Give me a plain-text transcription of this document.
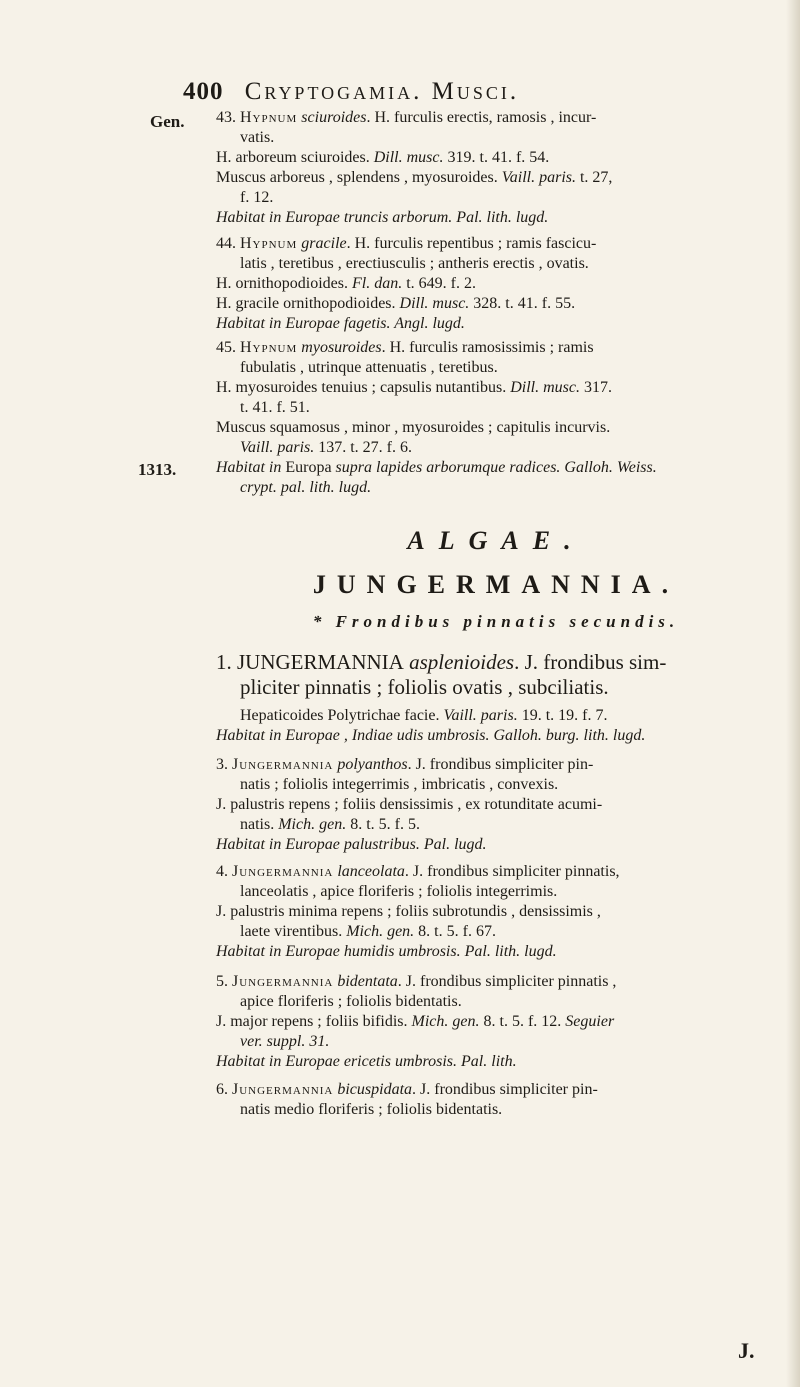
400 Cryptogamia. Musci.
Gen.
1313.
43. Hypnum sciuroides. H. furculis erectis, ramosis , incur-
vatis.
H. arboreum sciuroides. Dill. musc. 319. t. 41. f. 54.
Muscus arboreus , splendens , myosuroides. Vaill. paris. t. 27,
f. 12.
Habitat in Europae truncis arborum. Pal. lith. lugd.
44. Hypnum gracile. H. furculis repentibus ; ramis fascicu-
latis , teretibus , erectiusculis ; antheris erectis , ovatis.
H. ornithopodioides. Fl. dan. t. 649. f. 2.
H. gracile ornithopodioides. Dill. musc. 328. t. 41. f. 55.
Habitat in Europae fagetis. Angl. lugd.
45. Hypnum myosuroides. H. furculis ramosissimis ; ramis
fubulatis , utrinque attenuatis , teretibus.
H. myosuroides tenuius ; capsulis nutantibus. Dill. musc. 317.
t. 41. f. 51.
Muscus squamosus , minor , myosuroides ; capitulis incurvis.
Vaill. paris. 137. t. 27. f. 6.
Habitat in Europa supra lapides arborumque radices. Galloh. Weiss.
crypt. pal. lith. lugd.
ALGAE.
JUNGERMANNIA.
* Frondibus pinnatis secundis.
1. JUNGERMANNIA asplenioides. J. frondibus sim-
pliciter pinnatis ; foliolis ovatis , subciliatis.
Hepaticoides Polytrichae facie. Vaill. paris. 19. t. 19. f. 7.
Habitat in Europae , Indiae udis umbrosis. Galloh. burg. lith. lugd.
3. Jungermannia polyanthos. J. frondibus simpliciter pin-
natis ; foliolis integerrimis , imbricatis , convexis.
J. palustris repens ; foliis densissimis , ex rotunditate acumi-
natis. Mich. gen. 8. t. 5. f. 5.
Habitat in Europae palustribus. Pal. lugd.
4. Jungermannia lanceolata. J. frondibus simpliciter pinnatis,
lanceolatis , apice floriferis ; foliolis integerrimis.
J. palustris minima repens ; foliis subrotundis , densissimis ,
laete virentibus. Mich. gen. 8. t. 5. f. 67.
Habitat in Europae humidis umbrosis. Pal. lith. lugd.
5. Jungermannia bidentata. J. frondibus simpliciter pinnatis ,
apice floriferis ; foliolis bidentatis.
J. major repens ; foliis bifidis. Mich. gen. 8. t. 5. f. 12. Seguier
ver. suppl. 31.
Habitat in Europae ericetis umbrosis. Pal. lith.
6. Jungermannia bicuspidata. J. frondibus simpliciter pin-
natis medio floriferis ; foliolis bidentatis.
J.
